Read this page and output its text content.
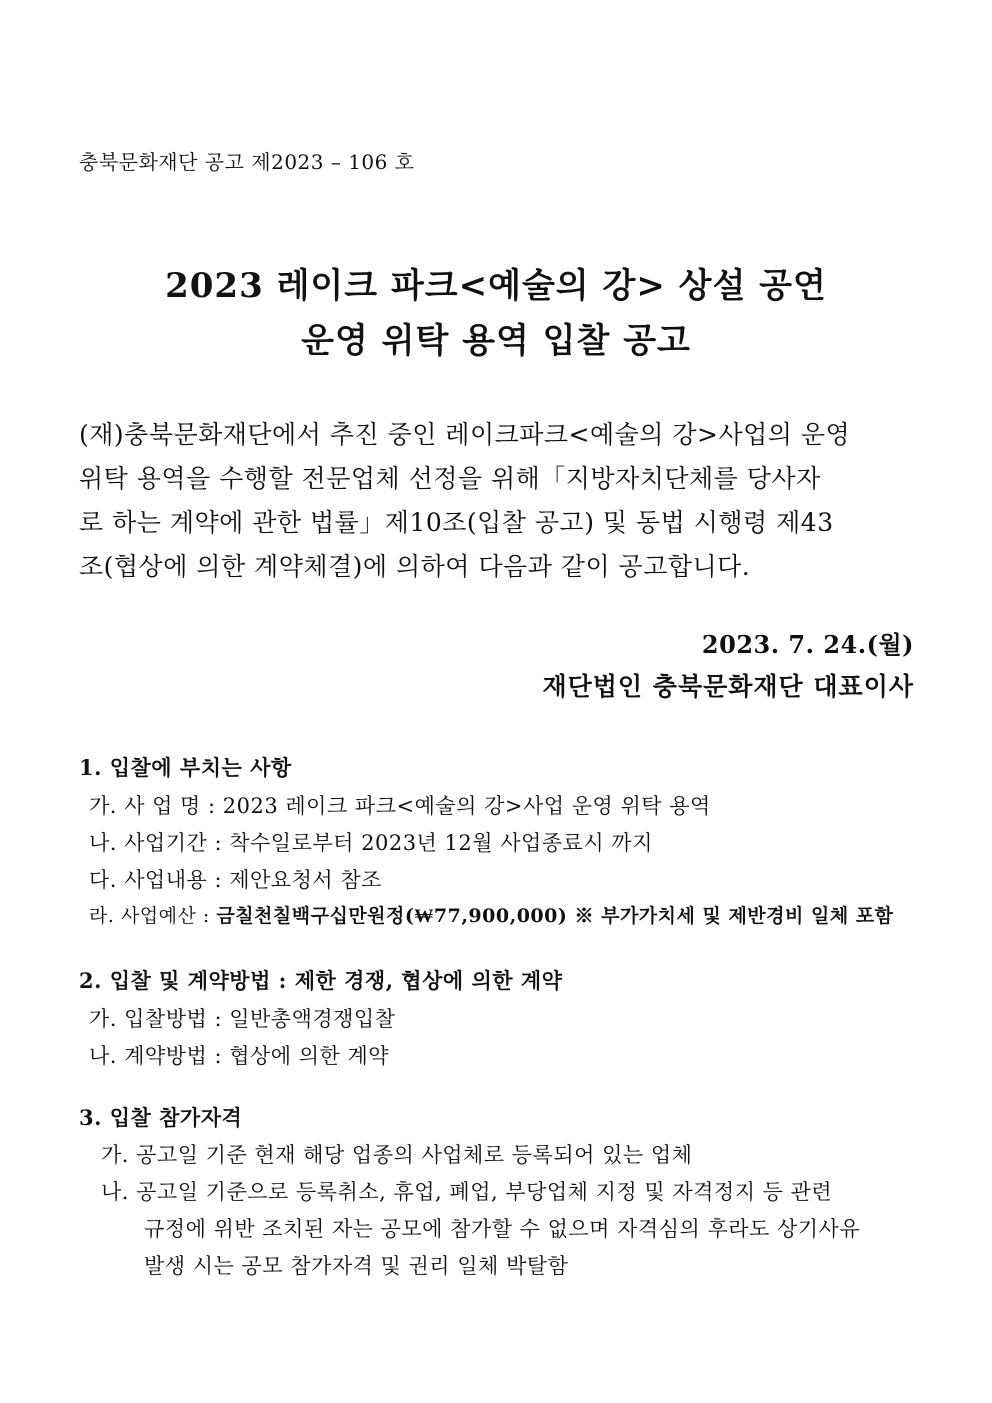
충북문화재단 공고 제2023 – 106 호
2023 레이크 파크<예술의 강> 상설 공연
운영 위탁 용역 입찰 공고
(재)충북문화재단에서 추진 중인 레이크파크<예술의 강>사업의 운영
위탁 용역을 수행할 전문업체 선정을 위해「지방자치단체를 당사자
로 하는 계약에 관한 법률」제10조(입찰 공고) 및 동법 시행령 제43
조(협상에 의한 계약체결)에 의하여 다음과 같이 공고합니다.
2023. 7. 24.(월)
재단법인 충북문화재단 대표이사
1. 입찰에 부치는 사항
가. 사 업 명 : 2023 레이크 파크<예술의 강>사업 운영 위탁 용역
나. 사업기간 : 착수일로부터 2023년 12월 사업종료시 까지
다. 사업내용 : 제안요청서 참조
라. 사업예산 : 금칠천칠백구십만원정(₩77,900,000) ※ 부가가치세 및 제반경비 일체 포함
2. 입찰 및 계약방법 : 제한 경쟁, 협상에 의한 계약
가. 입찰방법 : 일반총액경쟁입찰
나. 계약방법 : 협상에 의한 계약
3. 입찰 참가자격
가. 공고일 기준 현재 해당 업종의 사업체로 등록되어 있는 업체
나. 공고일 기준으로 등록취소, 휴업, 폐업, 부당업체 지정 및 자격정지 등 관련
규정에 위반 조치된 자는 공모에 참가할 수 없으며 자격심의 후라도 상기사유
발생 시는 공모 참가자격 및 권리 일체 박탈함
